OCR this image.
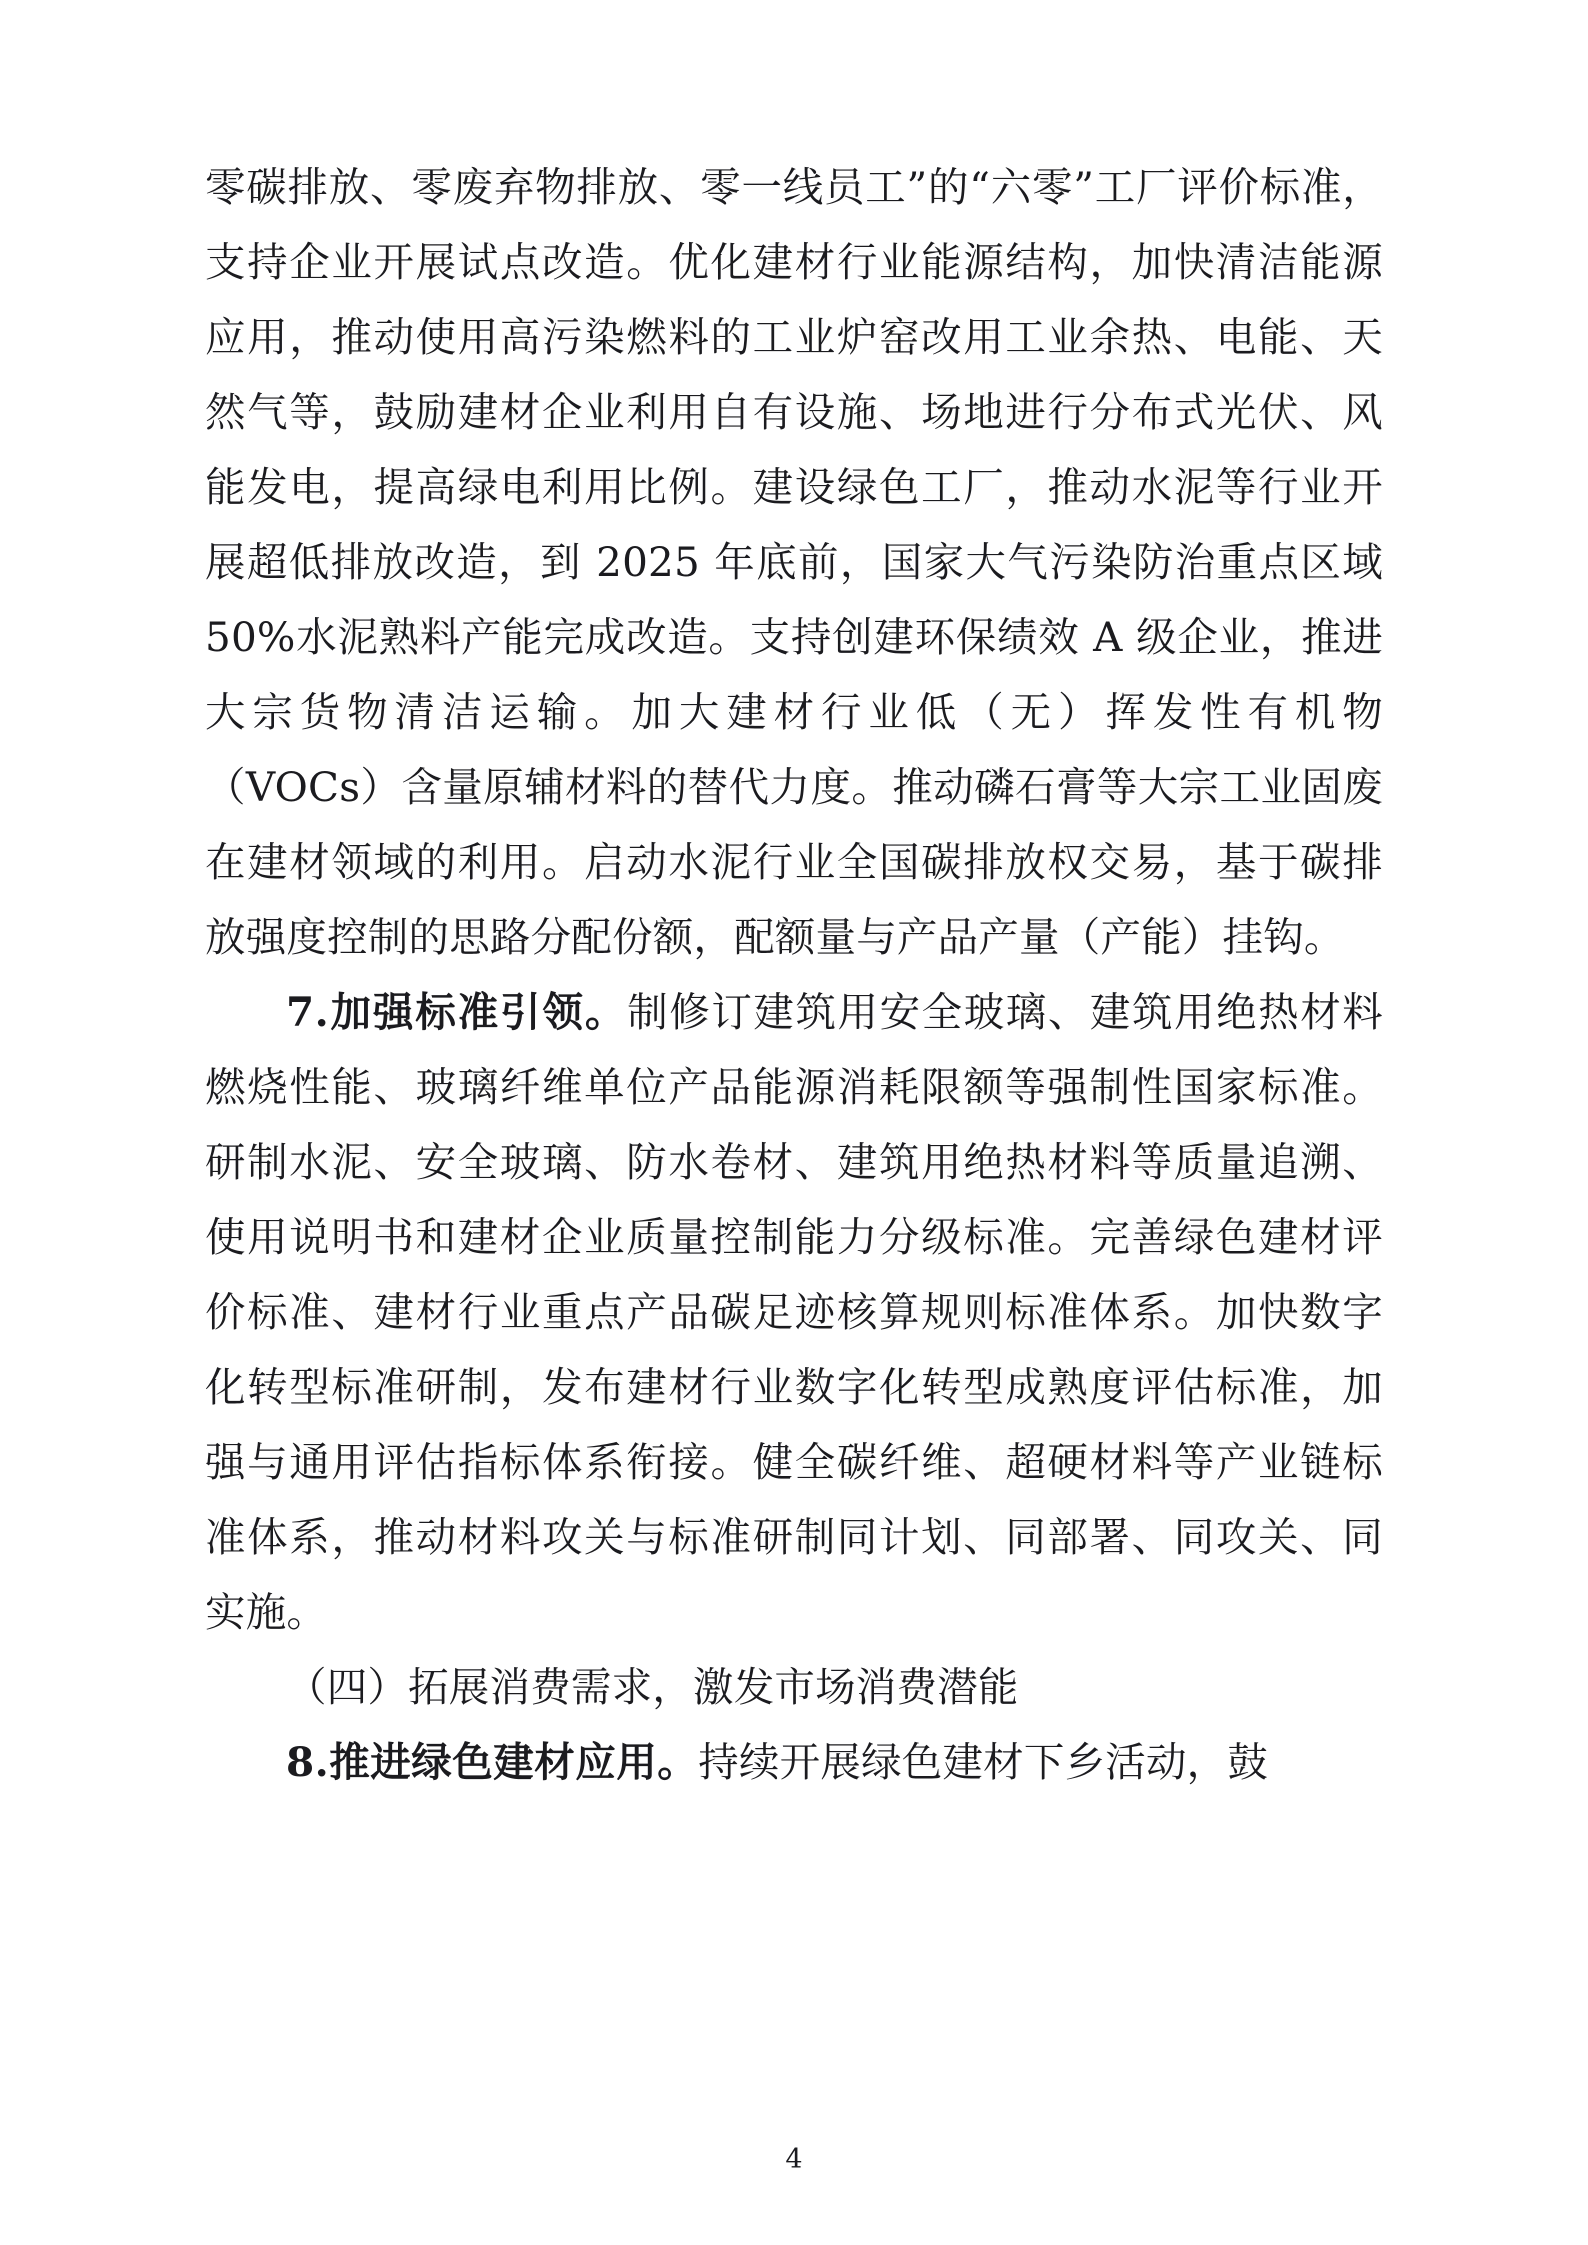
零碳排放、零废弃物排放、零一线员工”的“六零”工厂评价标准，支持企业开展试点改造。优化建材行业能源结构，加快清洁能源应用，推动使用高污染燃料的工业炉窑改用工业余热、电能、天然气等，鼓励建材企业利用自有设施、场地进行分布式光伏、风能发电，提高绿电利用比例。建设绿色工厂，推动水泥等行业开展超低排放改造，到 2025 年底前，国家大气污染防治重点区域 50%水泥熟料产能完成改造。支持创建环保绩效 A 级企业，推进大宗货物清洁运输。加大建材行业低（无）挥发性有机物（VOCs）含量原辅材料的替代力度。推动磷石膏等大宗工业固废在建材领域的利用。启动水泥行业全国碳排放权交易，基于碳排放强度控制的思路分配份额，配额量与产品产量（产能）挂钩。

7.加强标准引领。制修订建筑用安全玻璃、建筑用绝热材料燃烧性能、玻璃纤维单位产品能源消耗限额等强制性国家标准。研制水泥、安全玻璃、防水卷材、建筑用绝热材料等质量追溯、使用说明书和建材企业质量控制能力分级标准。完善绿色建材评价标准、建材行业重点产品碳足迹核算规则标准体系。加快数字化转型标准研制，发布建材行业数字化转型成熟度评估标准，加强与通用评估指标体系衔接。健全碳纤维、超硬材料等产业链标准体系，推动材料攻关与标准研制同计划、同部署、同攻关、同实施。

（四）拓展消费需求，激发市场消费潜能

8.推进绿色建材应用。持续开展绿色建材下乡活动，鼓

4
